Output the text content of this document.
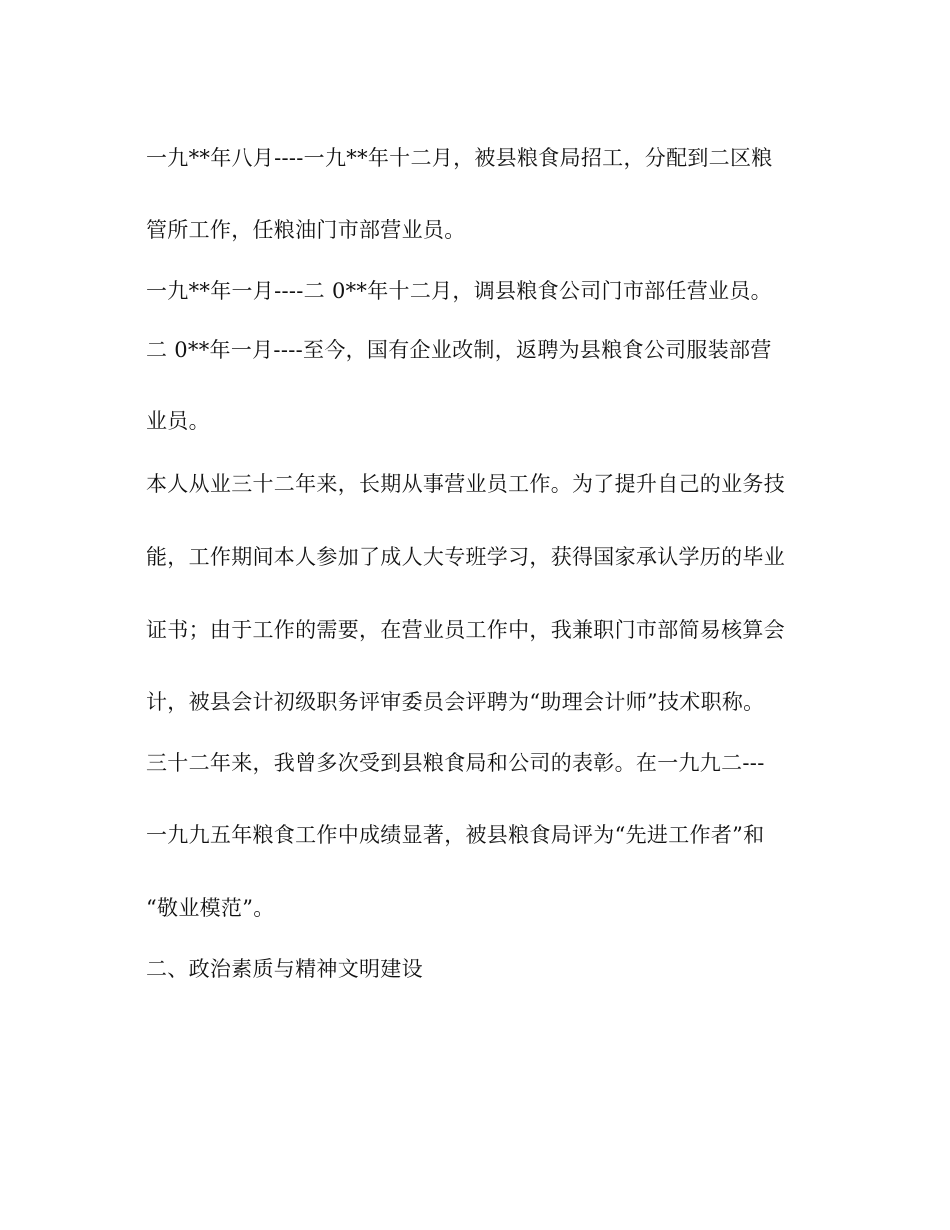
一九**年八月----一九**年十二月，被县粮食局招工，分配到二区粮
管所工作，任粮油门市部营业员。
一九**年一月----二 0**年十二月，调县粮食公司门市部任营业员。
二 0**年一月----至今，国有企业改制，返聘为县粮食公司服装部营
业员。
本人从业三十二年来，长期从事营业员工作。为了提升自己的业务技
能，工作期间本人参加了成人大专班学习，获得国家承认学历的毕业
证书；由于工作的需要，在营业员工作中，我兼职门市部简易核算会
计，被县会计初级职务评审委员会评聘为“助理会计师”技术职称。
三十二年来，我曾多次受到县粮食局和公司的表彰。在一九九二---
一九九五年粮食工作中成绩显著，被县粮食局评为“先进工作者”和
“敬业模范”。
二、政治素质与精神文明建设
